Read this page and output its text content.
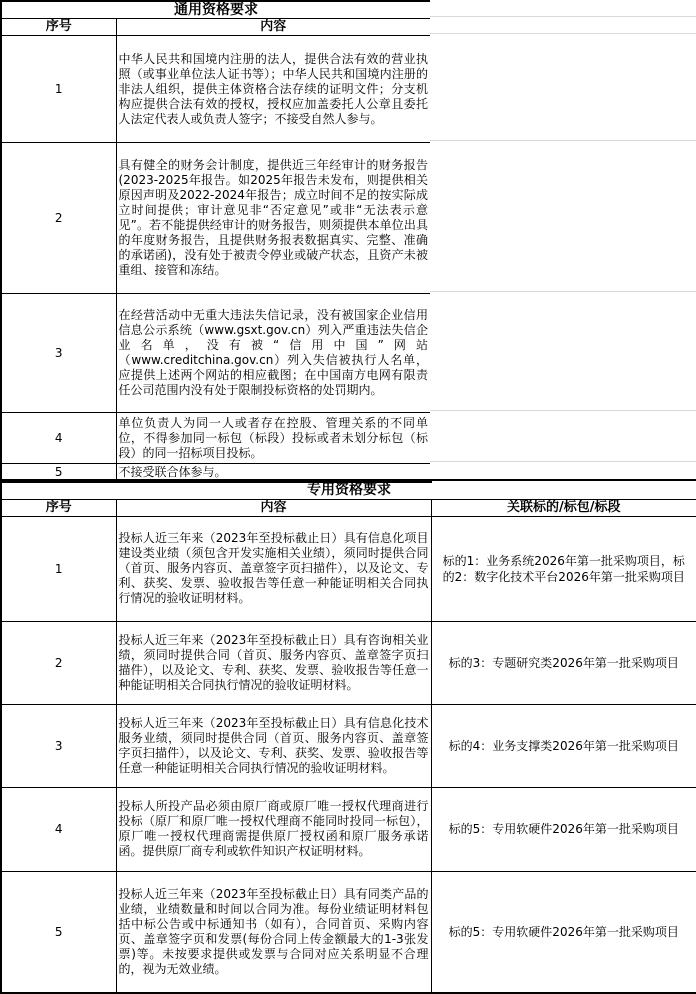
通用资格要求	
序号	内容
1	中华人民共和国境内注册的法人，提供合法有效的营业执照（或事业单位法人证书等）；中华人民共和国境内注册的非法人组织，提供主体资格合法存续的证明文件；分支机构应提供合法有效的授权，授权应加盖委托人公章且委托人法定代表人或负责人签字；不接受自然人参与。

2	具有健全的财务会计制度，提供近三年经审计的财务报告(2023-2025年报告。如2025年报告未发布，则提供相关原因声明及2022-2024年报告；成立时间不足的按实际成立时间提供；审计意见非“否定意见”或非“无法表示意见”。若不能提供经审计的财务报告，则须提供本单位出具的年度财务报告，且提供财务报表数据真实、完整、准确的承诺函)，没有处于被责令停业或破产状态，且资产未被重组、接管和冻结。

3	在经营活动中无重大违法失信记录，没有被国家企业信用信息公示系统（www.gsxt.gov.cn）列入严重违法失信企业名单，没有被“信用中国”网站（www.creditchina.gov.cn）列入失信被执行人名单，应提供上述两个网站的相应截图；在中国南方电网有限责任公司范围内没有处于限制投标资格的处罚期内。

4	单位负责人为同一人或者存在控股、管理关系的不同单位，不得参加同一标包（标段）投标或者未划分标包（标段）的同一招标项目投标。

5	不接受联合体参与。
专用资格要求		
序号	内容	关联标的/标包/标段
1	投标人近三年来（2023年至投标截止日）具有信息化项目建设类业绩（须包含开发实施相关业绩），须同时提供合同（首页、服务内容页、盖章签字页扫描件），以及论文、专利、获奖、发票、验收报告等任意一种能证明相关合同执行情况的验收证明材料。	标的1：业务系统2026年第一批采购项目，标的2：数字化技术平台2026年第一批采购项目

2	投标人近三年来（2023年至投标截止日）具有咨询相关业绩，须同时提供合同（首页、服务内容页、盖章签字页扫描件），以及论文、专利、获奖、发票、验收报告等任意一种能证明相关合同执行情况的验收证明材料。	标的3：专题研究类2026年第一批采购项目

3	投标人近三年来（2023年至投标截止日）具有信息化技术服务业绩，须同时提供合同（首页、服务内容页、盖章签字页扫描件），以及论文、专利、获奖、发票、验收报告等任意一种能证明相关合同执行情况的验收证明材料。	标的4：业务支撑类2026年第一批采购项目

4	投标人所投产品必须由原厂商或原厂唯一授权代理商进行投标（原厂和原厂唯一授权代理商不能同时投同一标包），原厂唯一授权代理商需提供原厂授权函和原厂服务承诺函。提供原厂商专利或软件知识产权证明材料。	标的5：专用软硬件2026年第一批采购项目

5	投标人近三年来（2023年至投标截止日）具有同类产品的业绩，业绩数量和时间以合同为准。每份业绩证明材料包括中标公告或中标通知书（如有），合同首页、采购内容页、盖章签字页和发票(每份合同上传金额最大的1-3张发票)等。未按要求提供或发票与合同对应关系明显不合理的，视为无效业绩。	标的5：专用软硬件2026年第一批采购项目
